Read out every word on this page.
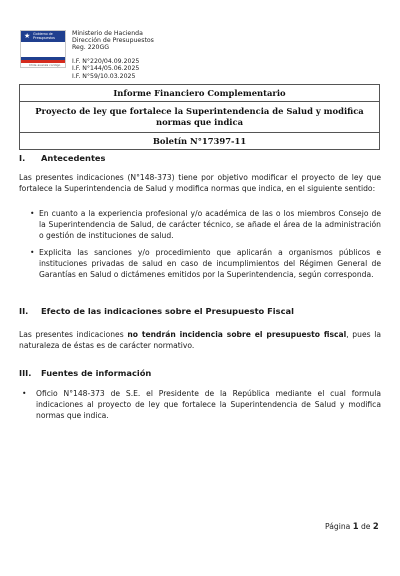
★ Gobierno de Presupuestos
Chile avanza contigo
Ministerio de Hacienda
Dirección de Presupuestos
Reg. 220GG
I.F. N°220/04.09.2025
I.F. N°144/05.06.2025
I.F. N°59/10.03.2025
Informe Financiero Complementario
Proyecto de ley que fortalece la Superintendencia de Salud y modifica normas que indica
Boletín N°17397-11
I.	Antecedentes
Las presentes indicaciones (N°148-373) tiene por objetivo modificar el proyecto de ley que fortalece la Superintendencia de Salud y modifica normas que indica, en el siguiente sentido:
• En cuanto a la experiencia profesional y/o académica de las o los miembros Consejo de la Superintendencia de Salud, de carácter técnico, se añade el área de la administración o gestión de instituciones de salud.
• Explicita las sanciones y/o procedimiento que aplicarán a organismos públicos e instituciones privadas de salud en caso de incumplimientos del Régimen General de Garantías en Salud o dictámenes emitidos por la Superintendencia, según corresponda.
II.	Efecto de las indicaciones sobre el Presupuesto Fiscal
Las presentes indicaciones no tendrán incidencia sobre el presupuesto fiscal, pues la naturaleza de éstas es de carácter normativo.
III.	Fuentes de información
• Oficio N°148-373 de S.E. el Presidente de la República mediante el cual formula indicaciones al proyecto de ley que fortalece la Superintendencia de Salud y modifica normas que indica.
Página 1 de 2
